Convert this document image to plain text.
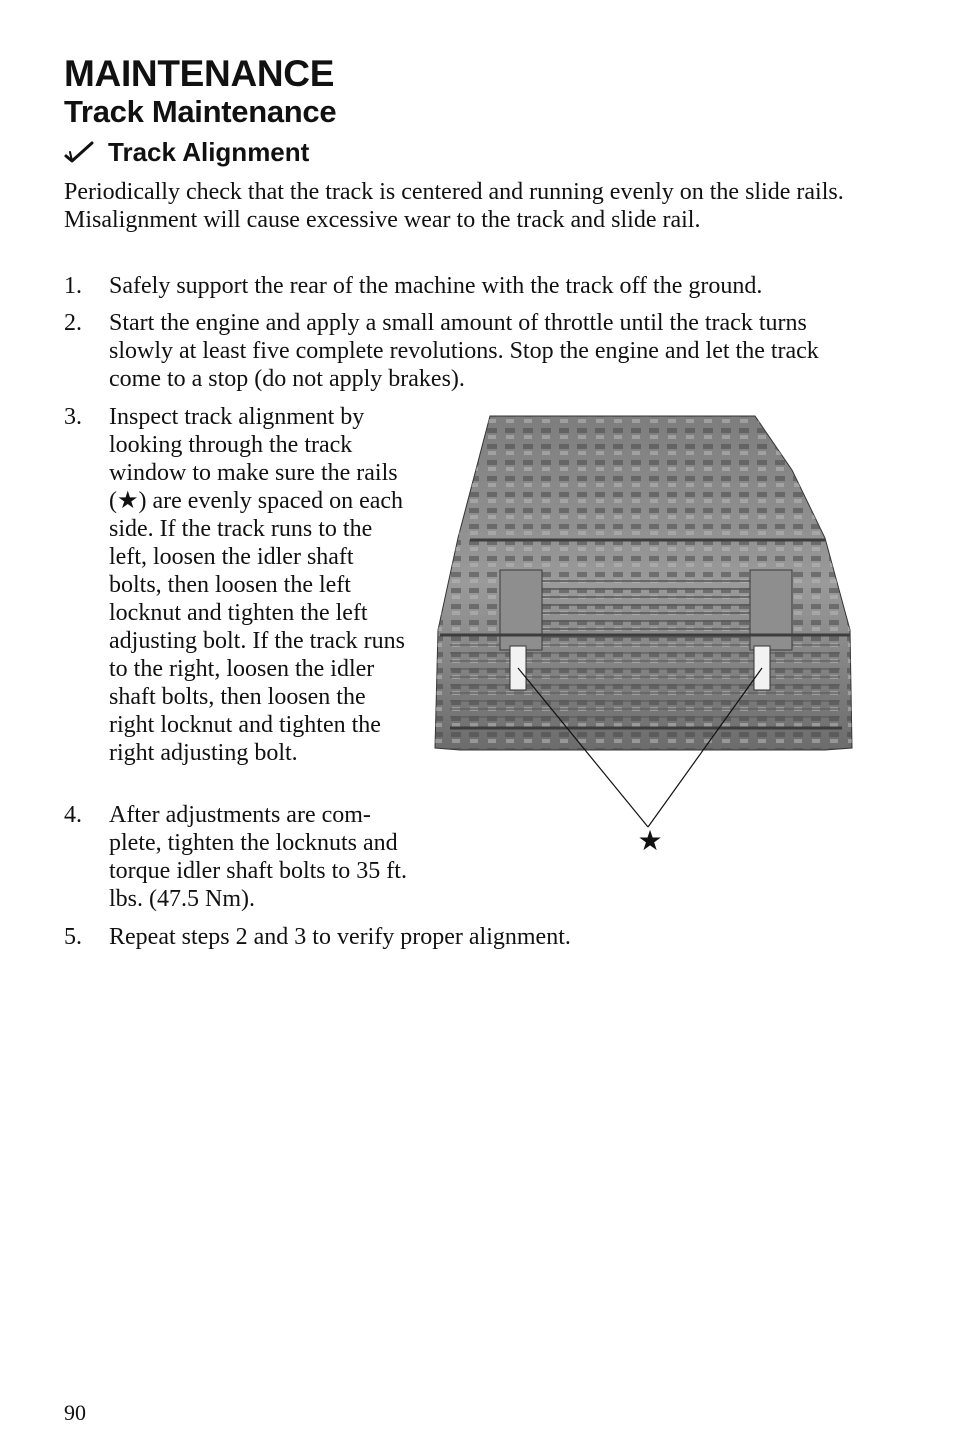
MAINTENANCE
Track Maintenance
Track Alignment

Periodically check that the track is centered and running evenly on the slide rails. Misalignment will cause excessive wear to the track and slide rail.

1. Safely support the rear of the machine with the track off the ground.
2. Start the engine and apply a small amount of throttle until the track turns slowly at least five complete revolutions. Stop the engine and let the track come to a stop (do not apply brakes).
3. Inspect track alignment by looking through the track window to make sure the rails (★) are evenly spaced on each side. If the track runs to the left, loosen the idler shaft bolts, then loosen the left locknut and tighten the left adjusting bolt. If the track runs to the right, loosen the idler shaft bolts, then loosen the right locknut and tighten the right adjusting bolt.
4. After adjustments are com-plete, tighten the locknuts and torque idler shaft bolts to 35 ft. lbs. (47.5 Nm).
5. Repeat steps 2 and 3 to verify proper alignment.
★
90
